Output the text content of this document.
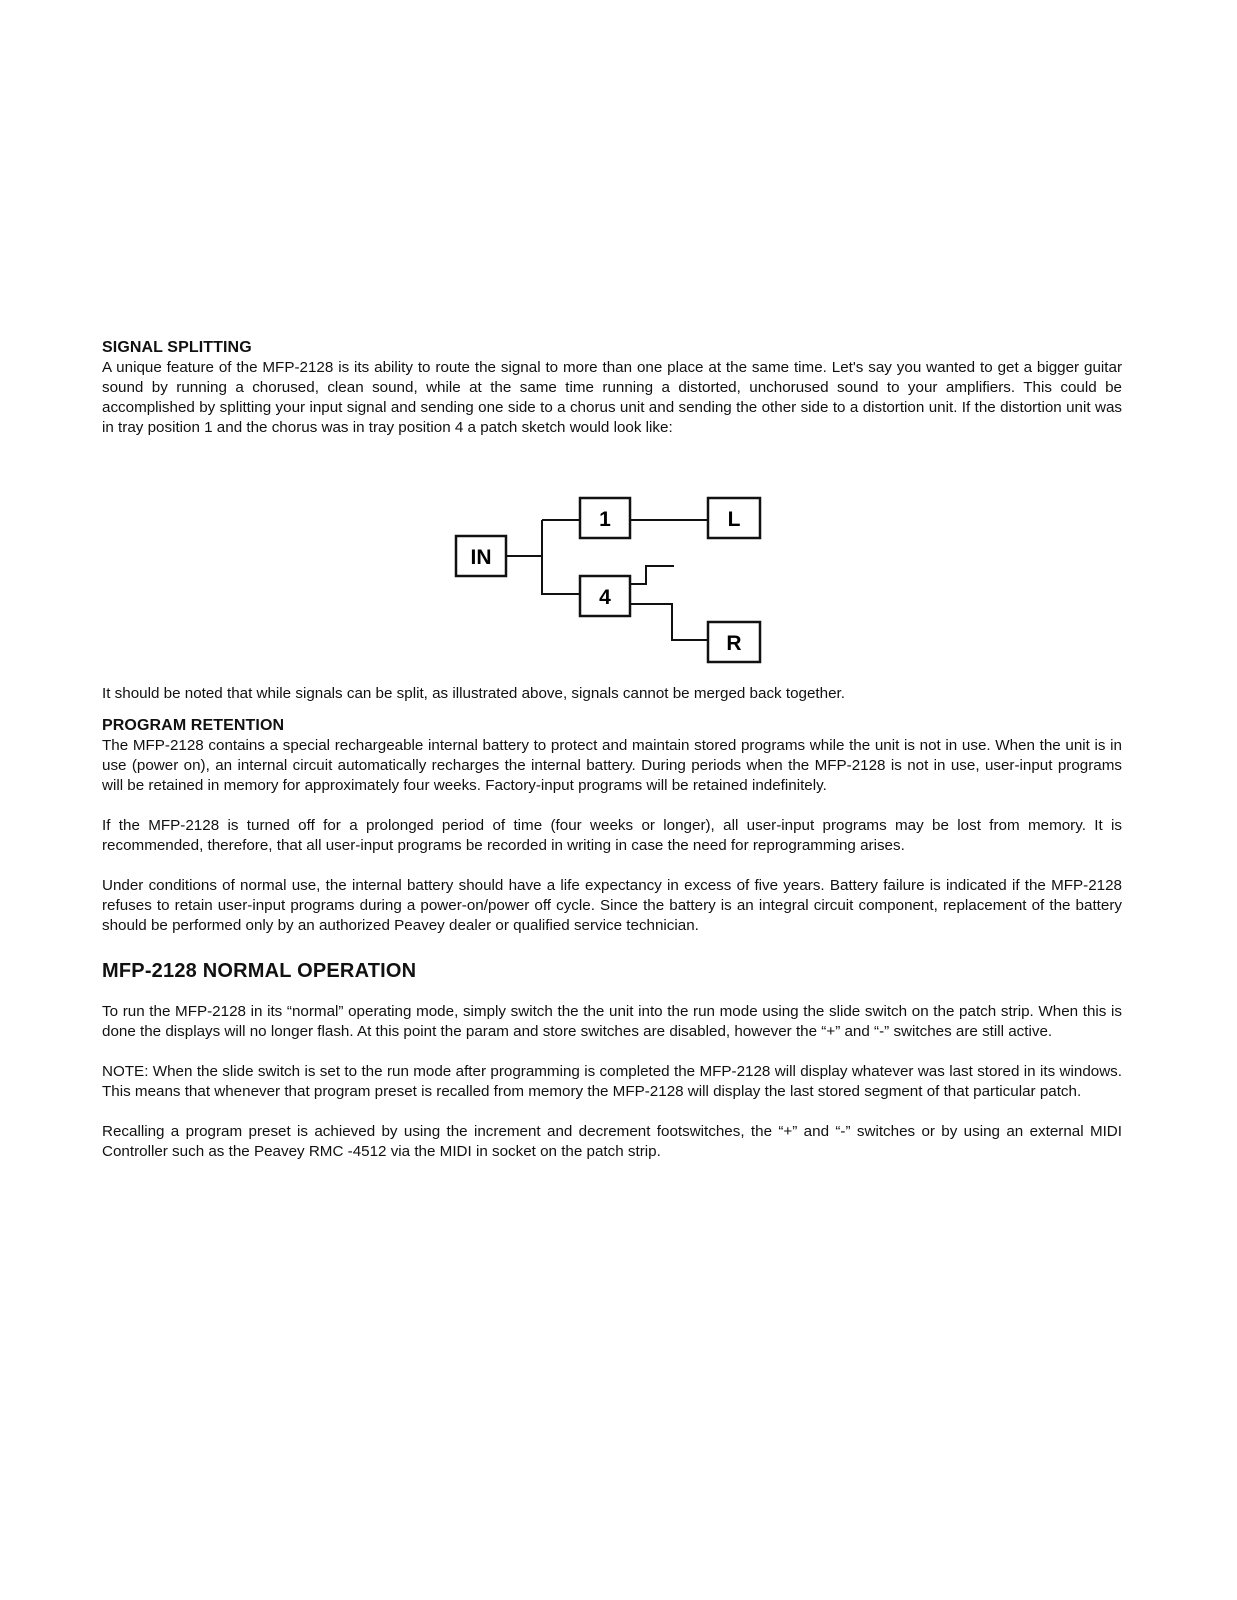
SIGNAL SPLITTING

A unique feature of the MFP-2128 is its ability to route the signal to more than one place at the same time. Let's say you wanted to get a bigger guitar sound by running a chorused, clean sound, while at the same time running a distorted, unchorused sound to your amplifiers. This could be accomplished by splitting your input signal and sending one side to a chorus unit and sending the other side to a distortion unit. If the distortion unit was in tray position 1 and the chorus was in tray position 4 a patch sketch would look like:

It should be noted that while signals can be split, as illustrated above, signals cannot be merged back together.

PROGRAM RETENTION

The MFP-2128 contains a special rechargeable internal battery to protect and maintain stored programs while the unit is not in use. When the unit is in use (power on), an internal circuit automatically recharges the internal battery. During periods when the MFP-2128 is not in use, user-input programs will be retained in memory for approximately four weeks. Factory-input programs will be retained indefinitely.

If the MFP-2128 is turned off for a prolonged period of time (four weeks or longer), all user-input programs may be lost from memory. It is recommended, therefore, that all user-input programs be recorded in writing in case the need for reprogramming arises.

Under conditions of normal use, the internal battery should have a life expectancy in excess of five years. Battery failure is indicated if the MFP-2128 refuses to retain user-input programs during a power-on/power off cycle. Since the battery is an integral circuit component, replacement of the battery should be performed only by an authorized Peavey dealer or qualified service technician.

MFP-2128 NORMAL OPERATION

To run the MFP-2128 in its “normal” operating mode, simply switch the the unit into the run mode using the slide switch on the patch strip. When this is done the displays will no longer flash. At this point the param and store switches are disabled, however the “+” and “-” switches are still active.

NOTE: When the slide switch is set to the run mode after programming is completed the MFP-2128 will display whatever was last stored in its windows. This means that whenever that program preset is recalled from memory the MFP-2128 will display the last stored segment of that particular patch.

Recalling a program preset is achieved by using the increment and decrement footswitches, the “+” and “-” switches or by using an external MIDI Controller such as the Peavey RMC -4512 via the MIDI in socket on the patch strip.

IN
1
4
L
R
